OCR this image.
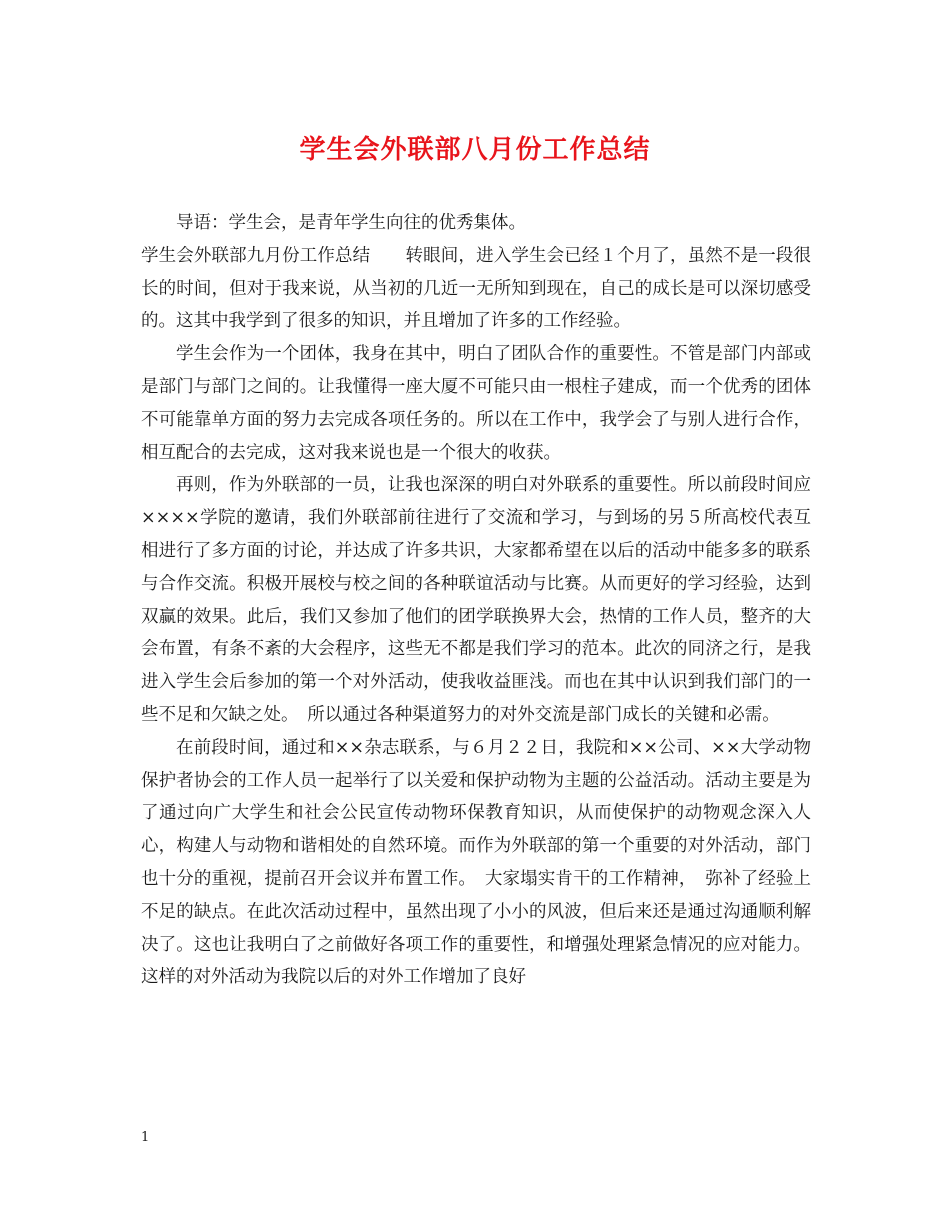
学生会外联部八月份工作总结

导语：学生会，是青年学生向往的优秀集体。

学生会外联部九月份工作总结　　转眼间，进入学生会已经１个月了，虽然不是一段很长的时间，但对于我来说，从当初的几近一无所知到现在，自己的成长是可以深切感受的。这其中我学到了很多的知识，并且增加了许多的工作经验。

学生会作为一个团体，我身在其中，明白了团队合作的重要性。不管是部门内部或是部门与部门之间的。让我懂得一座大厦不可能只由一根柱子建成，而一个优秀的团体不可能靠单方面的努力去完成各项任务的。所以在工作中，我学会了与别人进行合作，相互配合的去完成，这对我来说也是一个很大的收获。

再则，作为外联部的一员，让我也深深的明白对外联系的重要性。所以前段时间应××××学院的邀请，我们外联部前往进行了交流和学习，与到场的另５所高校代表互相进行了多方面的讨论，并达成了许多共识，大家都希望在以后的活动中能多多的联系与合作交流。积极开展校与校之间的各种联谊活动与比赛。从而更好的学习经验，达到双赢的效果。此后，我们又参加了他们的团学联换界大会，热情的工作人员，整齐的大会布置，有条不紊的大会程序，这些无不都是我们学习的范本。此次的同济之行，是我进入学生会后参加的第一个对外活动，使我收益匪浅。而也在其中认识到我们部门的一些不足和欠缺之处。　所以通过各种渠道努力的对外交流是部门成长的关键和必需。

在前段时间，通过和××杂志联系，与６月２２日，我院和××公司、××大学动物保护者协会的工作人员一起举行了以关爱和保护动物为主题的公益活动。活动主要是为了通过向广大学生和社会公民宣传动物环保教育知识，从而使保护的动物观念深入人心，构建人与动物和谐相处的自然环境。而作为外联部的第一个重要的对外活动，部门也十分的重视，提前召开会议并布置工作。　大家塌实肯干的工作精神，　弥补了经验上不足的缺点。在此次活动过程中，虽然出现了小小的风波，但后来还是通过沟通顺利解决了。这也让我明白了之前做好各项工作的重要性，和增强处理紧急情况的应对能力。这样的对外活动为我院以后的对外工作增加了良好

1
